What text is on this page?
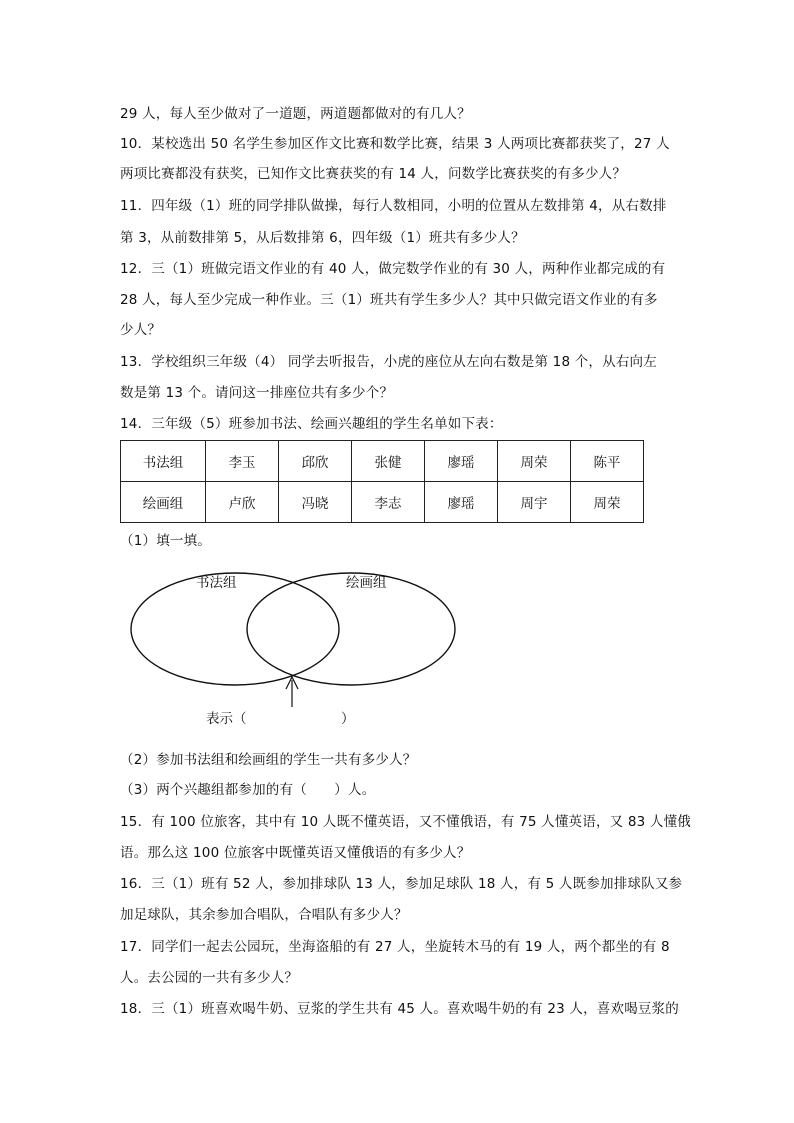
29 人，每人至少做对了一道题，两道题都做对的有几人？
10．某校选出 50 名学生参加区作文比赛和数学比赛，结果 3 人两项比赛都获奖了，27 人
两项比赛都没有获奖，已知作文比赛获奖的有 14 人，问数学比赛获奖的有多少人？
11．四年级（1）班的同学排队做操，每行人数相同，小明的位置从左数排第 4，从右数排
第 3，从前数排第 5，从后数排第 6，四年级（1）班共有多少人？
12．三（1）班做完语文作业的有 40 人，做完数学作业的有 30 人，两种作业都完成的有
28 人，每人至少完成一种作业。三（1）班共有学生多少人？其中只做完语文作业的有多
少人？
13．学校组织三年级（4） 同学去听报告，小虎的座位从左向右数是第 18 个，从右向左
数是第 13 个。请问这一排座位共有多少个？
14．三年级（5）班参加书法、绘画兴趣组的学生名单如下表：
书法组	李玉	邱欣	张健	廖瑶	周荣	陈平
绘画组	卢欣	冯晓	李志	廖瑶	周宇	周荣
（1）填一填。
书法组	绘画组
表示（　　　　　　　）
（2）参加书法组和绘画组的学生一共有多少人？
（3）两个兴趣组都参加的有（　　）人。
15．有 100 位旅客，其中有 10 人既不懂英语，又不懂俄语，有 75 人懂英语，又 83 人懂俄
语。那么这 100 位旅客中既懂英语又懂俄语的有多少人？
16．三（1）班有 52 人，参加排球队 13 人，参加足球队 18 人，有 5 人既参加排球队又参
加足球队，其余参加合唱队，合唱队有多少人？
17．同学们一起去公园玩，坐海盗船的有 27 人，坐旋转木马的有 19 人，两个都坐的有 8
人。去公园的一共有多少人？
18．三（1）班喜欢喝牛奶、豆浆的学生共有 45 人。喜欢喝牛奶的有 23 人，喜欢喝豆浆的
